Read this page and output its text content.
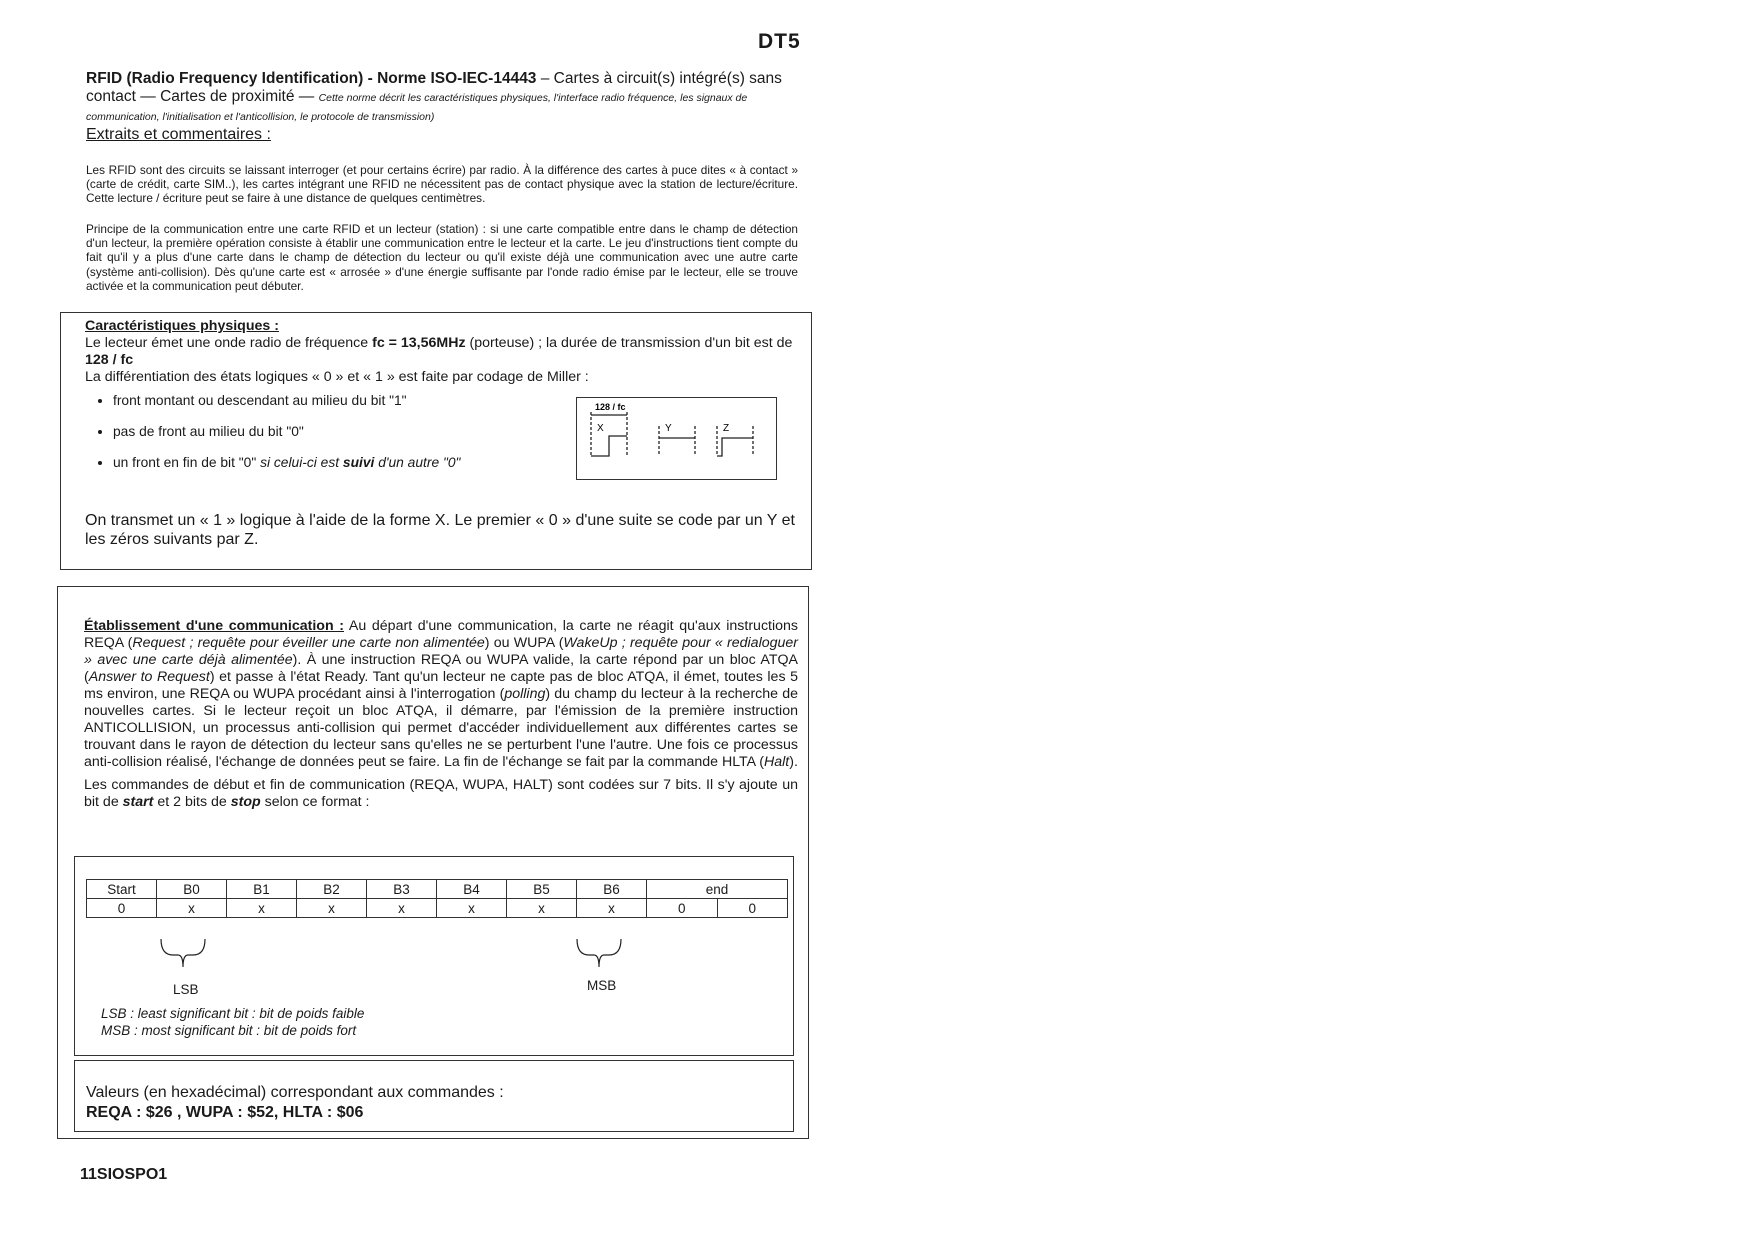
DT5
RFID (Radio Frequency Identification) - Norme ISO-IEC-14443 – Cartes à circuit(s) intégré(s) sans contact — Cartes de proximité — Cette norme décrit les caractéristiques physiques, l'interface radio fréquence, les signaux de communication, l'initialisation et l'anticollision, le protocole de transmission)
Extraits et commentaires :
Les RFID sont des circuits se laissant interroger (et pour certains écrire) par radio. À la différence des cartes à puce dites « à contact » (carte de crédit, carte SIM..), les cartes intégrant une RFID ne nécessitent pas de contact physique avec la station de lecture/écriture. Cette lecture / écriture peut se faire à une distance de quelques centimètres.
Principe de la communication entre une carte RFID et un lecteur (station) : si une carte compatible entre dans le champ de détection d'un lecteur, la première opération consiste à établir une communication entre le lecteur et la carte. Le jeu d'instructions tient compte du fait qu'il y a plus d'une carte dans le champ de détection du lecteur ou qu'il existe déjà une communication avec une autre carte (système anti-collision). Dès qu'une carte est « arrosée » d'une énergie suffisante par l'onde radio émise par le lecteur, elle se trouve activée et la communication peut débuter.
Caractéristiques physiques :
Le lecteur émet une onde radio de fréquence fc = 13,56MHz (porteuse) ; la durée de transmission d'un bit est de 128 / fc
La différentiation des états logiques « 0 » et « 1 » est faite par codage de Miller :
• front montant ou descendant au milieu du bit "1"
• pas de front au milieu du bit "0"
• un front en fin de bit "0" si celui-ci est suivi d'un autre "0"
On transmet un « 1 » logique à l'aide de la forme X. Le premier « 0 » d'une suite se code par un Y et les zéros suivants par Z.
128 / fc
X	Y	Z
Établissement d'une communication : Au départ d'une communication, la carte ne réagit qu'aux instructions REQA (Request ; requête pour éveiller une carte non alimentée) ou WUPA (WakeUp ; requête pour « redialoguer » avec une carte déjà alimentée). À une instruction REQA ou WUPA valide, la carte répond par un bloc ATQA (Answer to Request) et passe à l'état Ready. Tant qu'un lecteur ne capte pas de bloc ATQA, il émet, toutes les 5 ms environ, une REQA ou WUPA procédant ainsi à l'interrogation (polling) du champ du lecteur à la recherche de nouvelles cartes. Si le lecteur reçoit un bloc ATQA, il démarre, par l'émission de la première instruction ANTICOLLISION, un processus anti-collision qui permet d'accéder individuellement aux différentes cartes se trouvant dans le rayon de détection du lecteur sans qu'elles ne se perturbent l'une l'autre. Une fois ce processus anti-collision réalisé, l'échange de données peut se faire. La fin de l'échange se fait par la commande HLTA (Halt).
Les commandes de début et fin de communication (REQA, WUPA, HALT) sont codées sur 7 bits. Il s'y ajoute un bit de start et 2 bits de stop selon ce format :
Start	B0	B1	B2	B3	B4	B5	B6	end	
0	x	x	x	x	x	x	x	0	0
LSB	MSB
LSB : least significant bit : bit de poids faible
MSB : most significant bit : bit de poids fort
Valeurs (en hexadécimal) correspondant aux commandes :
REQA : $26 , WUPA : $52, HLTA : $06
11SIOSPO1
